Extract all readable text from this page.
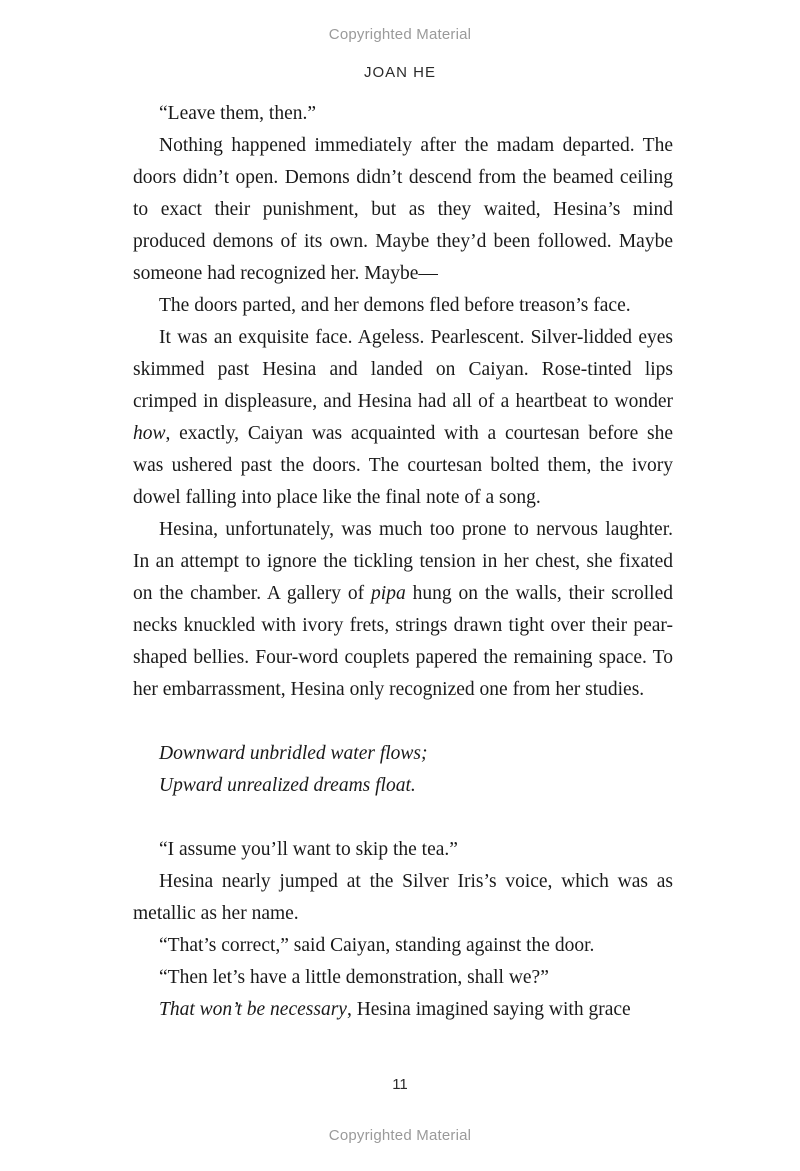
Copyrighted Material
JOAN HE

“Leave them, then.”

Nothing happened immediately after the madam departed. The doors didn’t open. Demons didn’t descend from the beamed ceiling to exact their punishment, but as they waited, Hesina’s mind produced demons of its own. Maybe they’d been followed. Maybe someone had recognized her. Maybe—

The doors parted, and her demons fled before treason’s face.

It was an exquisite face. Ageless. Pearlescent. Silver-lidded eyes skimmed past Hesina and landed on Caiyan. Rose-tinted lips crimped in displeasure, and Hesina had all of a heartbeat to wonder how, exactly, Caiyan was acquainted with a courtesan before she was ushered past the doors. The courtesan bolted them, the ivory dowel falling into place like the final note of a song.

Hesina, unfortunately, was much too prone to nervous laughter. In an attempt to ignore the tickling tension in her chest, she fixated on the chamber. A gallery of pipa hung on the walls, their scrolled necks knuckled with ivory frets, strings drawn tight over their pear-shaped bellies. Four-word couplets papered the remaining space. To her embarrassment, Hesina only recognized one from her studies.

Downward unbridled water flows;

Upward unrealized dreams float.

“I assume you’ll want to skip the tea.”

Hesina nearly jumped at the Silver Iris’s voice, which was as metallic as her name.

“That’s correct,” said Caiyan, standing against the door.

“Then let’s have a little demonstration, shall we?”

That won’t be necessary, Hesina imagined saying with grace

11
Copyrighted Material
